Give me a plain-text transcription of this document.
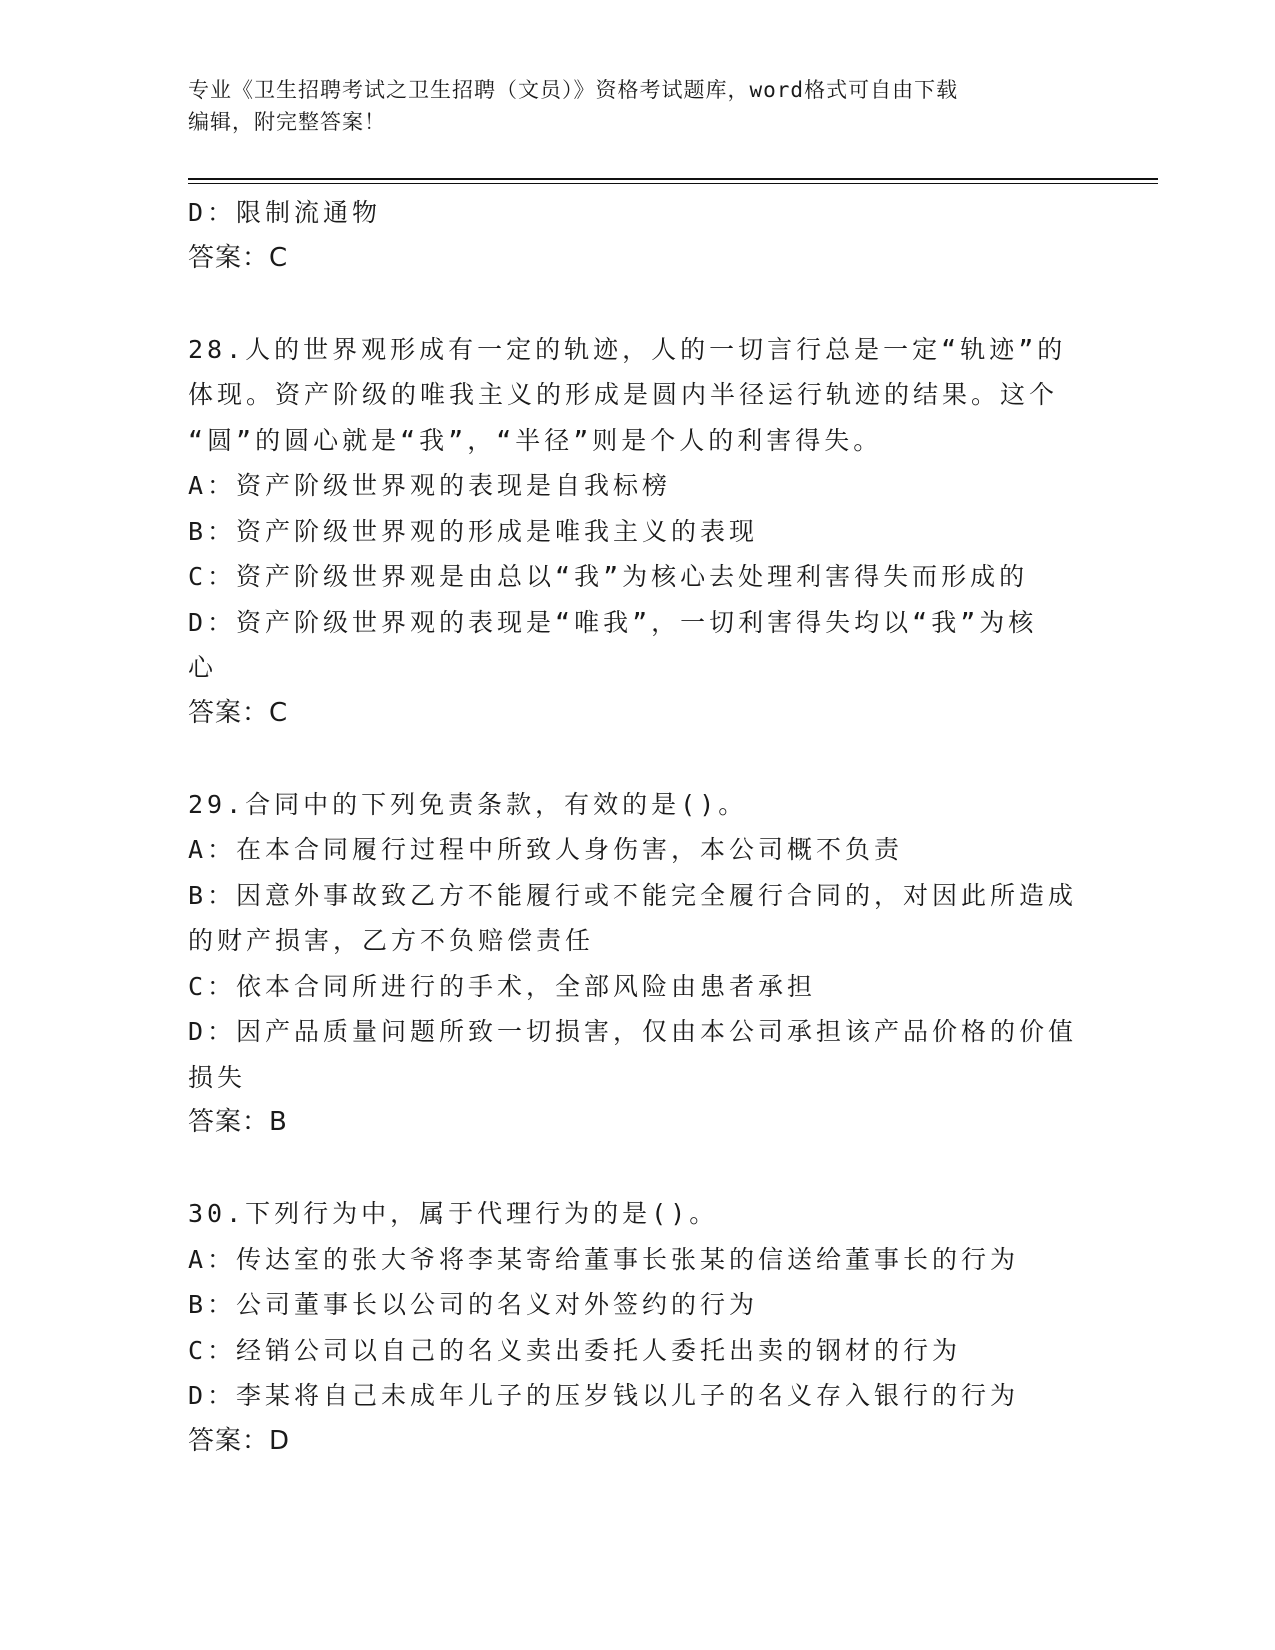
专业《卫生招聘考试之卫生招聘（文员）》资格考试题库，word格式可自由下载
编辑，附完整答案！
D：限制流通物
答案：C
28.人的世界观形成有一定的轨迹，人的一切言行总是一定“轨迹”的
体现。资产阶级的唯我主义的形成是圆内半径运行轨迹的结果。这个
“圆”的圆心就是“我”，“半径”则是个人的利害得失。
A：资产阶级世界观的表现是自我标榜
B：资产阶级世界观的形成是唯我主义的表现
C：资产阶级世界观是由总以“我”为核心去处理利害得失而形成的
D：资产阶级世界观的表现是“唯我”，一切利害得失均以“我”为核
心
答案：C
29.合同中的下列免责条款，有效的是()。
A：在本合同履行过程中所致人身伤害，本公司概不负责
B：因意外事故致乙方不能履行或不能完全履行合同的，对因此所造成
的财产损害，乙方不负赔偿责任
C：依本合同所进行的手术，全部风险由患者承担
D：因产品质量问题所致一切损害，仅由本公司承担该产品价格的价值
损失
答案：B
30.下列行为中，属于代理行为的是()。
A：传达室的张大爷将李某寄给董事长张某的信送给董事长的行为
B：公司董事长以公司的名义对外签约的行为
C：经销公司以自己的名义卖出委托人委托出卖的钢材的行为
D：李某将自己未成年儿子的压岁钱以儿子的名义存入银行的行为
答案：D
